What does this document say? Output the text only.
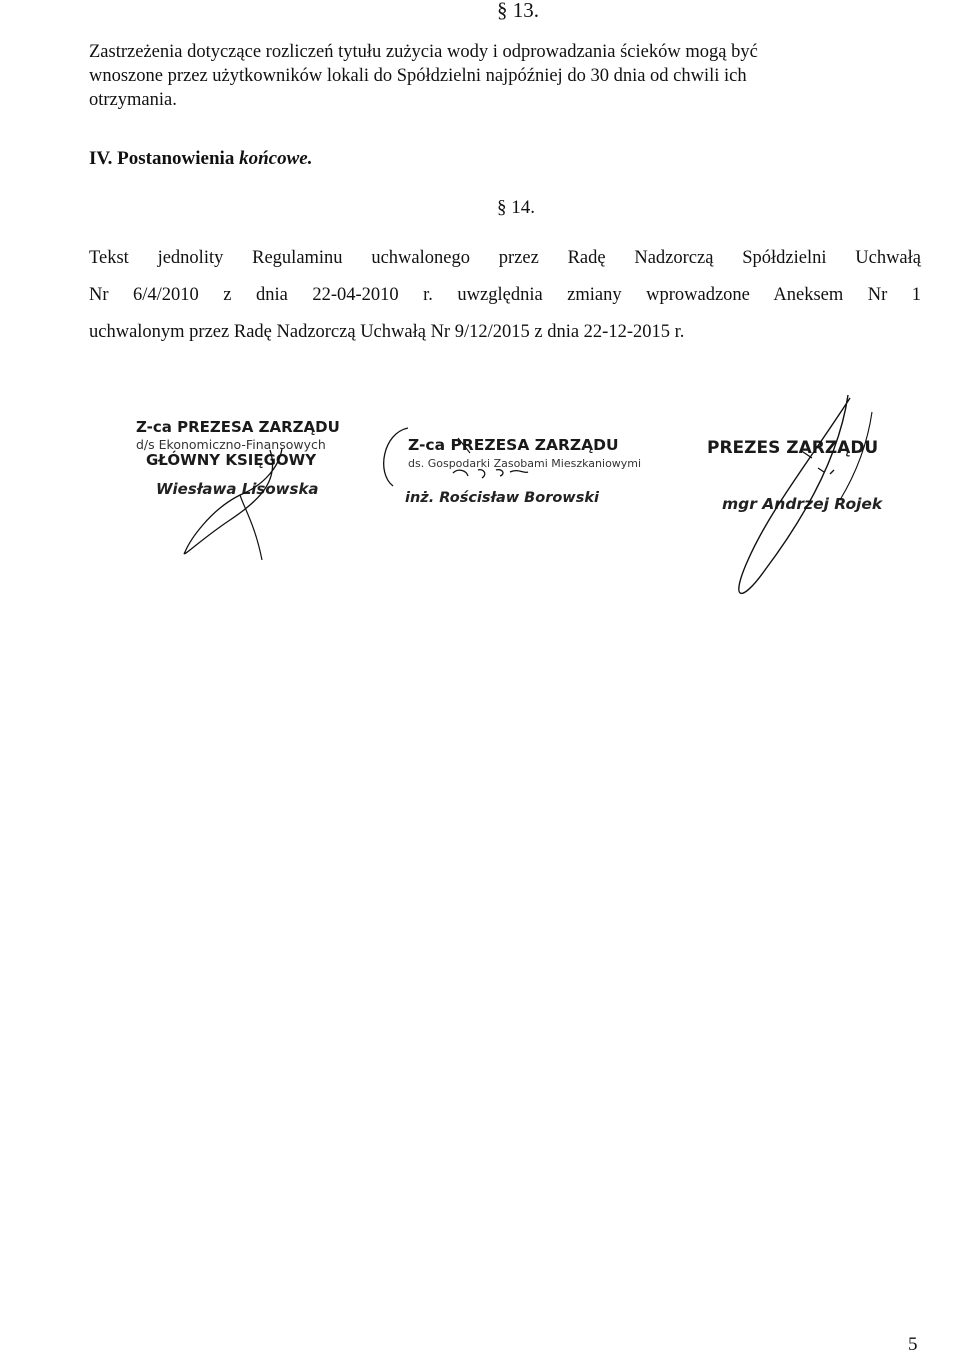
§ 13.
Zastrzeżenia dotyczące rozliczeń tytułu zużycia wody i odprowadzania ścieków mogą być
wnoszone przez użytkowników lokali do Spółdzielni najpóźniej do 30 dnia od chwili ich
otrzymania.
IV. Postanowienia końcowe.
§ 14.
Tekst jednolity Regulaminu uchwalonego przez Radę Nadzorczą Spółdzielni Uchwałą
Nr 6/4/2010 z dnia 22-04-2010 r. uwzględnia zmiany wprowadzone Aneksem Nr 1
uchwalonym przez Radę Nadzorczą Uchwałą Nr 9/12/2015 z dnia 22-12-2015 r.
Z-ca PREZESA ZARZĄDU
d/s Ekonomiczno-Finansowych
GŁÓWNY KSIĘGOWY
Wiesława Lisowska
Z-ca PREZESA ZARZĄDU
ds. Gospodarki Zasobami Mieszkaniowymi
inż. Rościsław Borowski
PREZES ZARZĄDU
mgr Andrzej Rojek
5
